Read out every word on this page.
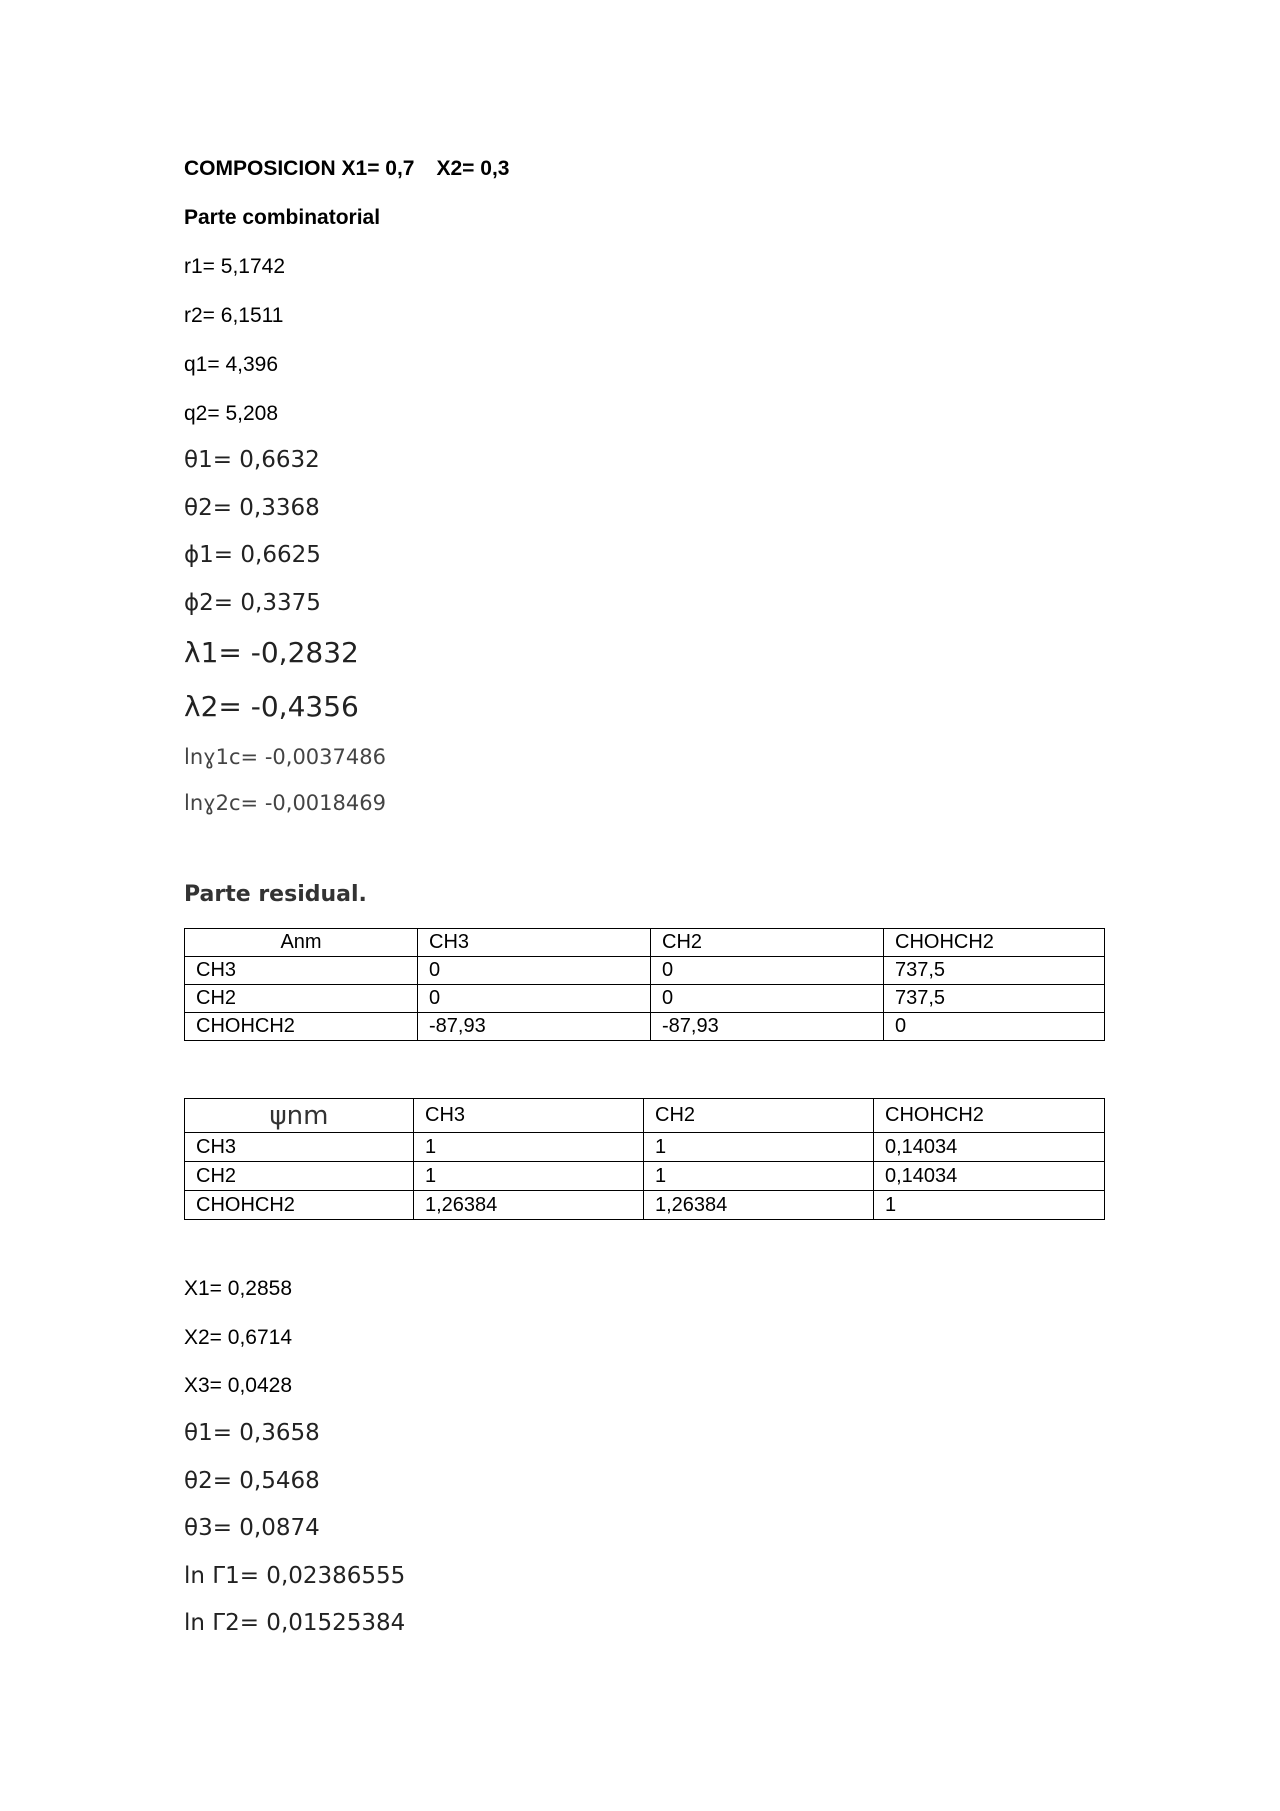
COMPOSICION X1= 0,7 X2= 0,3
Parte combinatorial
r1= 5,1742
r2= 6,1511
q1= 4,396
q2= 5,208
θ1= 0,6632
θ2= 0,3368
ϕ1= 0,6625
ϕ2= 0,3375
λ1= -0,2832
λ2= -0,4356
lnɣ1c= -0,0037486
lnɣ2c= -0,0018469
Parte residual.
Anm	CH3	CH2	CHOHCH2
CH3	0	0	737,5
CH2	0	0	737,5
CHOHCH2	-87,93	-87,93	0
ψnm	CH3	CH2	CHOHCH2
CH3	1	1	0,14034
CH2	1	1	0,14034
CHOHCH2	1,26384	1,26384	1
X1= 0,2858
X2= 0,6714
X3= 0,0428
θ1= 0,3658
θ2= 0,5468
θ3= 0,0874
ln Γ1= 0,02386555
ln Γ2= 0,01525384
